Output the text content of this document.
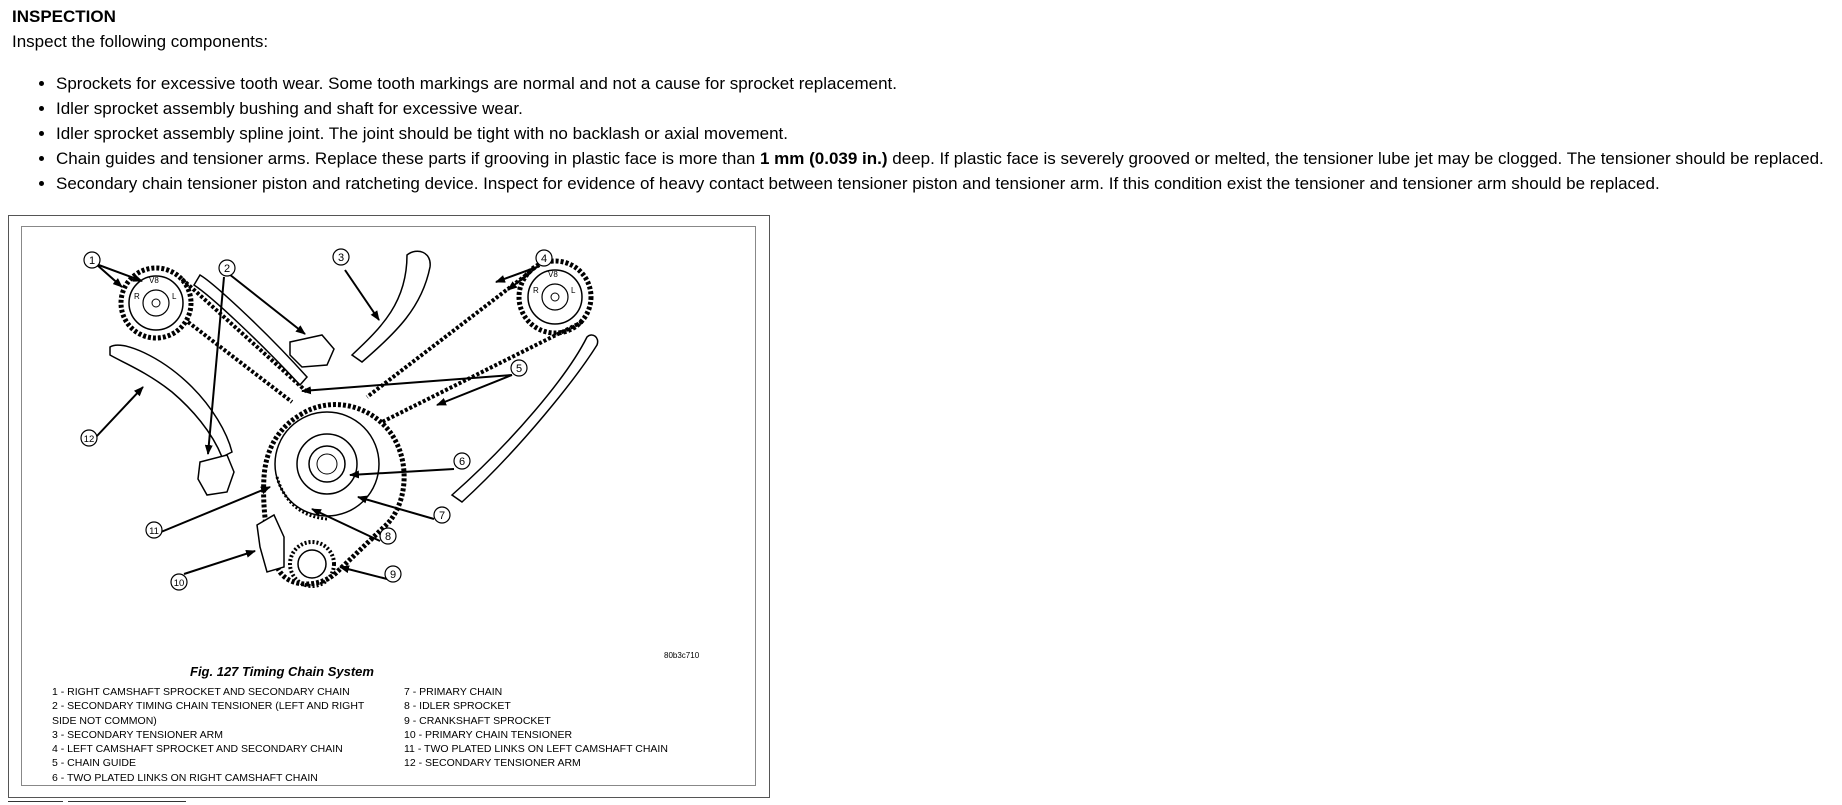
INSPECTION

Inspect the following components:

• Sprockets for excessive tooth wear. Some tooth markings are normal and not a cause for sprocket replacement.
• Idler sprocket assembly bushing and shaft for excessive wear.
• Idler sprocket assembly spline joint. The joint should be tight with no backlash or axial movement.
• Chain guides and tensioner arms. Replace these parts if grooving in plastic face is more than 1 mm (0.039 in.) deep. If plastic face is severely grooved or melted, the tensioner lube jet may be clogged. The tensioner should be replaced.
• Secondary chain tensioner piston and ratcheting device. Inspect for evidence of heavy contact between tensioner piston and tensioner arm. If this condition exist the tensioner and tensioner arm should be replaced.
V8
R	L
V8
R	L
1
2
3	4
5
6
7
8
9
10
11
12
80b3c710
Fig. 127 Timing Chain System
1 - RIGHT CAMSHAFT SPROCKET AND SECONDARY CHAIN
2 - SECONDARY TIMING CHAIN TENSIONER (LEFT AND RIGHT
SIDE NOT COMMON)
3 - SECONDARY TENSIONER ARM
4 - LEFT CAMSHAFT SPROCKET AND SECONDARY CHAIN
5 - CHAIN GUIDE
6 - TWO PLATED LINKS ON RIGHT CAMSHAFT CHAIN
7 - PRIMARY CHAIN
8 - IDLER SPROCKET
9 - CRANKSHAFT SPROCKET
10 - PRIMARY CHAIN TENSIONER
11 - TWO PLATED LINKS ON LEFT CAMSHAFT CHAIN
12 - SECONDARY TENSIONER ARM
